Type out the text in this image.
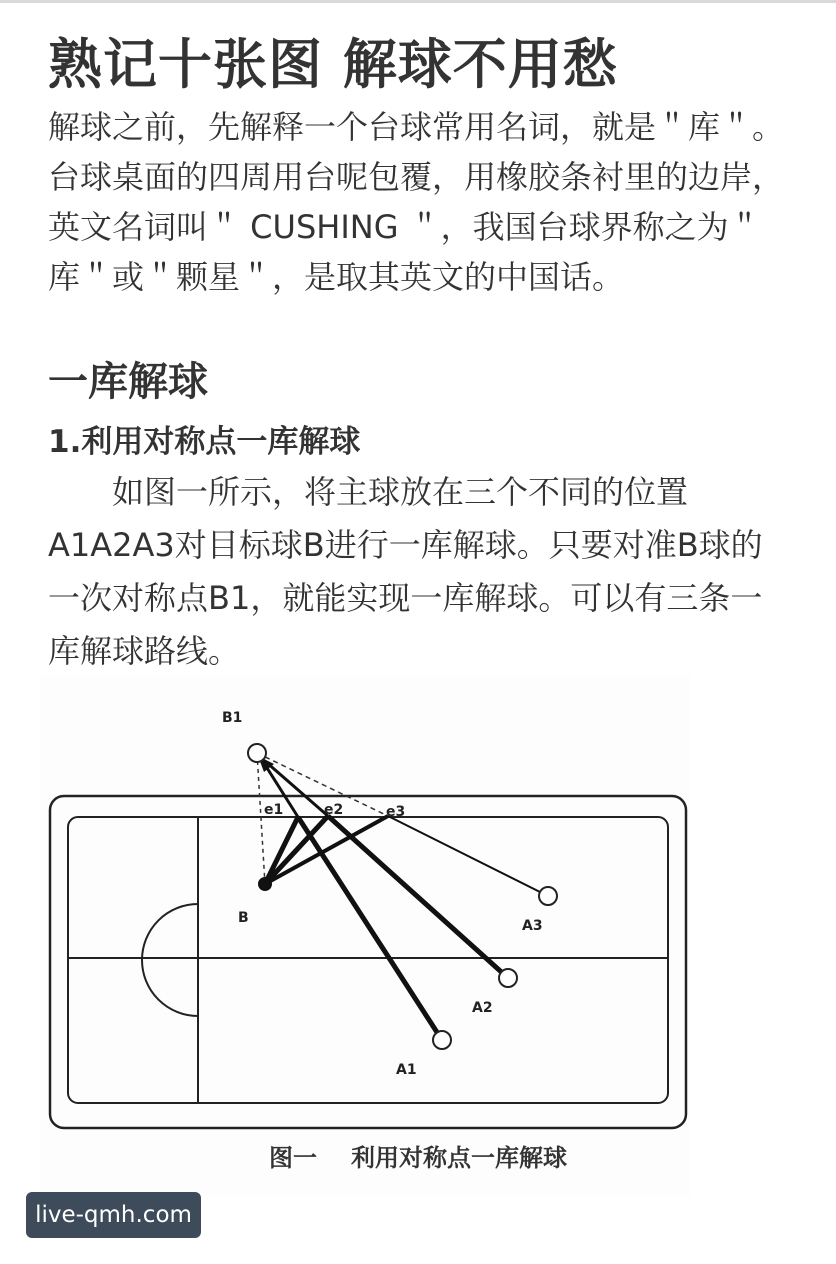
熟记十张图 解球不用愁

解球之前，先解释一个台球常用名词，就是＂库＂。台球桌面的四周用台呢包覆，用橡胶条衬里的边岸，英文名词叫＂ CUSHING ＂，我国台球界称之为＂库＂或＂颗星＂，是取其英文的中国话。

一库解球
1.利用对称点一库解球

如图一所示，将主球放在三个不同的位置A1A2A3对目标球B进行一库解球。只要对准B球的一次对称点B1，就能实现一库解球。可以有三条一库解球路线。

B1
B
e1	e2	e3
A1
A2
A3

图一 利用对称点一库解球

live-qmh.com
